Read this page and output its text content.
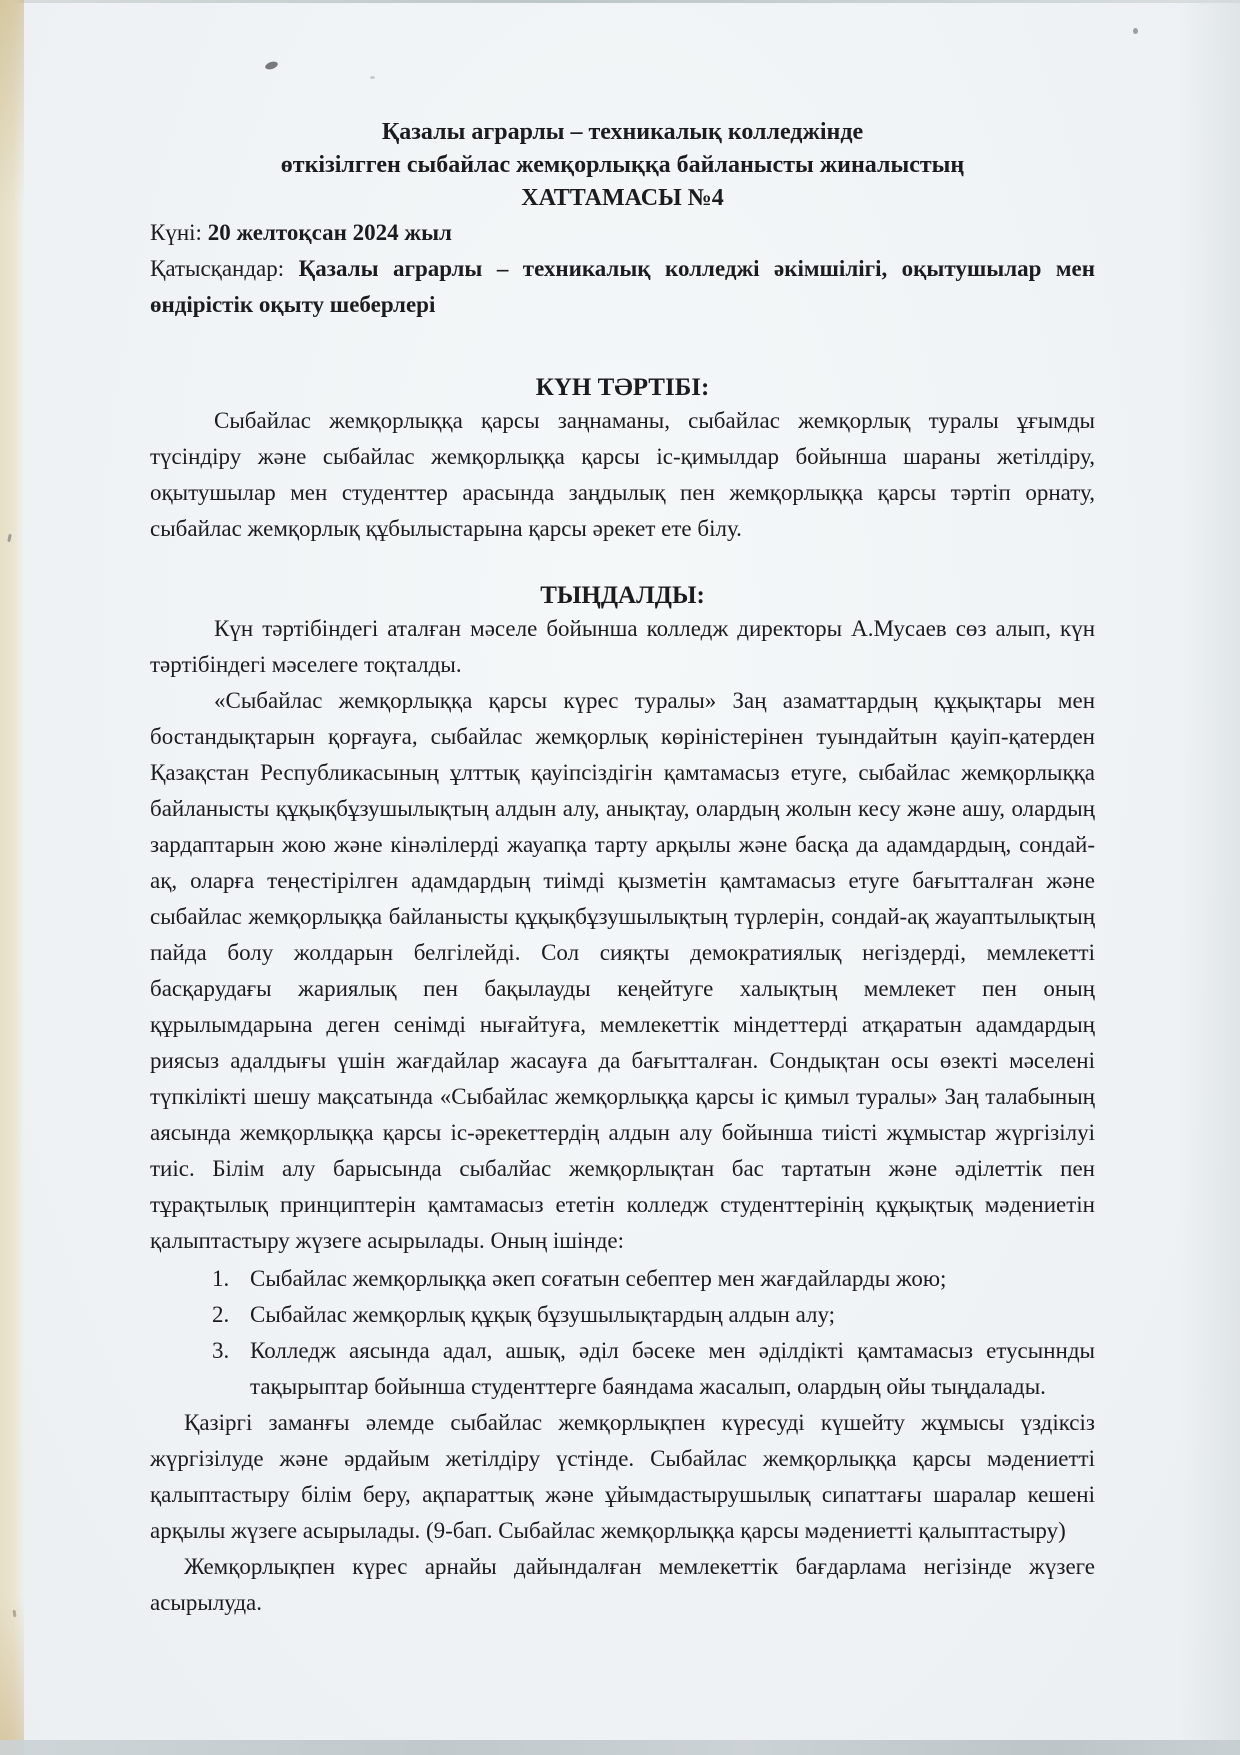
Қазалы аграрлы – техникалық колледжінде
өткізілгген сыбайлас жемқорлыққа байланысты жиналыстың
ХАТТАМАСЫ №4

Күні: 20 желтоқсан 2024 жыл

Қатысқандар: Қазалы аграрлы – техникалық колледжі әкімшілігі, оқытушылар мен өндірістік оқыту шеберлері

КҮН ТӘРТІБІ:

Сыбайлас жемқорлыққа қарсы заңнаманы, сыбайлас жемқорлық туралы ұғымды түсіндіру және сыбайлас жемқорлыққа қарсы іс-қимылдар бойынша шараны жетілдіру, оқытушылар мен студенттер арасында заңдылық пен жемқорлыққа қарсы тәртіп орнату, сыбайлас жемқорлық құбылыстарына қарсы әрекет ете білу.

ТЫҢДАЛДЫ:

Күн тәртібіндегі аталған мәселе бойынша колледж директоры А.Мусаев сөз алып, күн тәртібіндегі мәселеге тоқталды.

«Сыбайлас жемқорлыққа қарсы күрес туралы» Заң азаматтардың құқықтары мен бостандықтарын қорғауға, сыбайлас жемқорлық көріністерінен туындайтын қауіп-қатерден Қазақстан Республикасының ұлттық қауіпсіздігін қамтамасыз етуге, сыбайлас жемқорлыққа байланысты құқықбұзушылықтың алдын алу, анықтау, олардың жолын кесу және ашу, олардың зардаптарын жою және кінәлілерді жауапқа тарту арқылы және басқа да адамдардың, сондай-ақ, оларға теңестірілген адамдардың тиімді қызметін қамтамасыз етуге бағытталған және сыбайлас жемқорлыққа байланысты құқықбұзушылықтың түрлерін, сондай-ақ жауаптылықтың пайда болу жолдарын белгілейді. Сол сияқты демократиялық негіздерді, мемлекетті басқарудағы жариялық пен бақылауды кеңейтуге халықтың мемлекет пен оның құрылымдарына деген сенімді нығайтуға, мемлекеттік міндеттерді атқаратын адамдардың риясыз адалдығы үшін жағдайлар жасауға да бағытталған. Сондықтан осы өзекті мәселені түпкілікті шешу мақсатында «Сыбайлас жемқорлыққа қарсы іс қимыл туралы» Заң талабының аясында жемқорлыққа қарсы іс-әрекеттердің алдын алу бойынша тиісті жұмыстар жүргізілуі тиіс. Білім алу барысында сыбалйас жемқорлықтан бас тартатын және әділеттік пен тұрақтылық принциптерін қамтамасыз ететін колледж студенттерінің құқықтық мәдениетін қалыптастыру жүзеге асырылады. Оның ішінде:

1. Сыбайлас жемқорлыққа әкеп соғатын себептер мен жағдайларды жою;
2. Сыбайлас жемқорлық құқық бұзушылықтардың алдын алу;
3. Колледж аясында адал, ашық, әділ бәсеке мен әділдікті қамтамасыз етусыннды тақырыптар бойынша студенттерге баяндама жасалып, олардың ойы тыңдалады.

Қазіргі заманғы әлемде сыбайлас жемқорлықпен күресуді күшейту жұмысы үздіксіз жүргізілуде және әрдайым жетілдіру үстінде. Сыбайлас жемқорлыққа қарсы мәдениетті қалыптастыру білім беру, ақпараттық және ұйымдастырушылық сипаттағы шаралар кешені арқылы жүзеге асырылады. (9-бап. Сыбайлас жемқорлыққа қарсы мәдениетті қалыптастыру)

Жемқорлықпен күрес арнайы дайындалған мемлекеттік бағдарлама негізінде жүзеге асырылуда.
